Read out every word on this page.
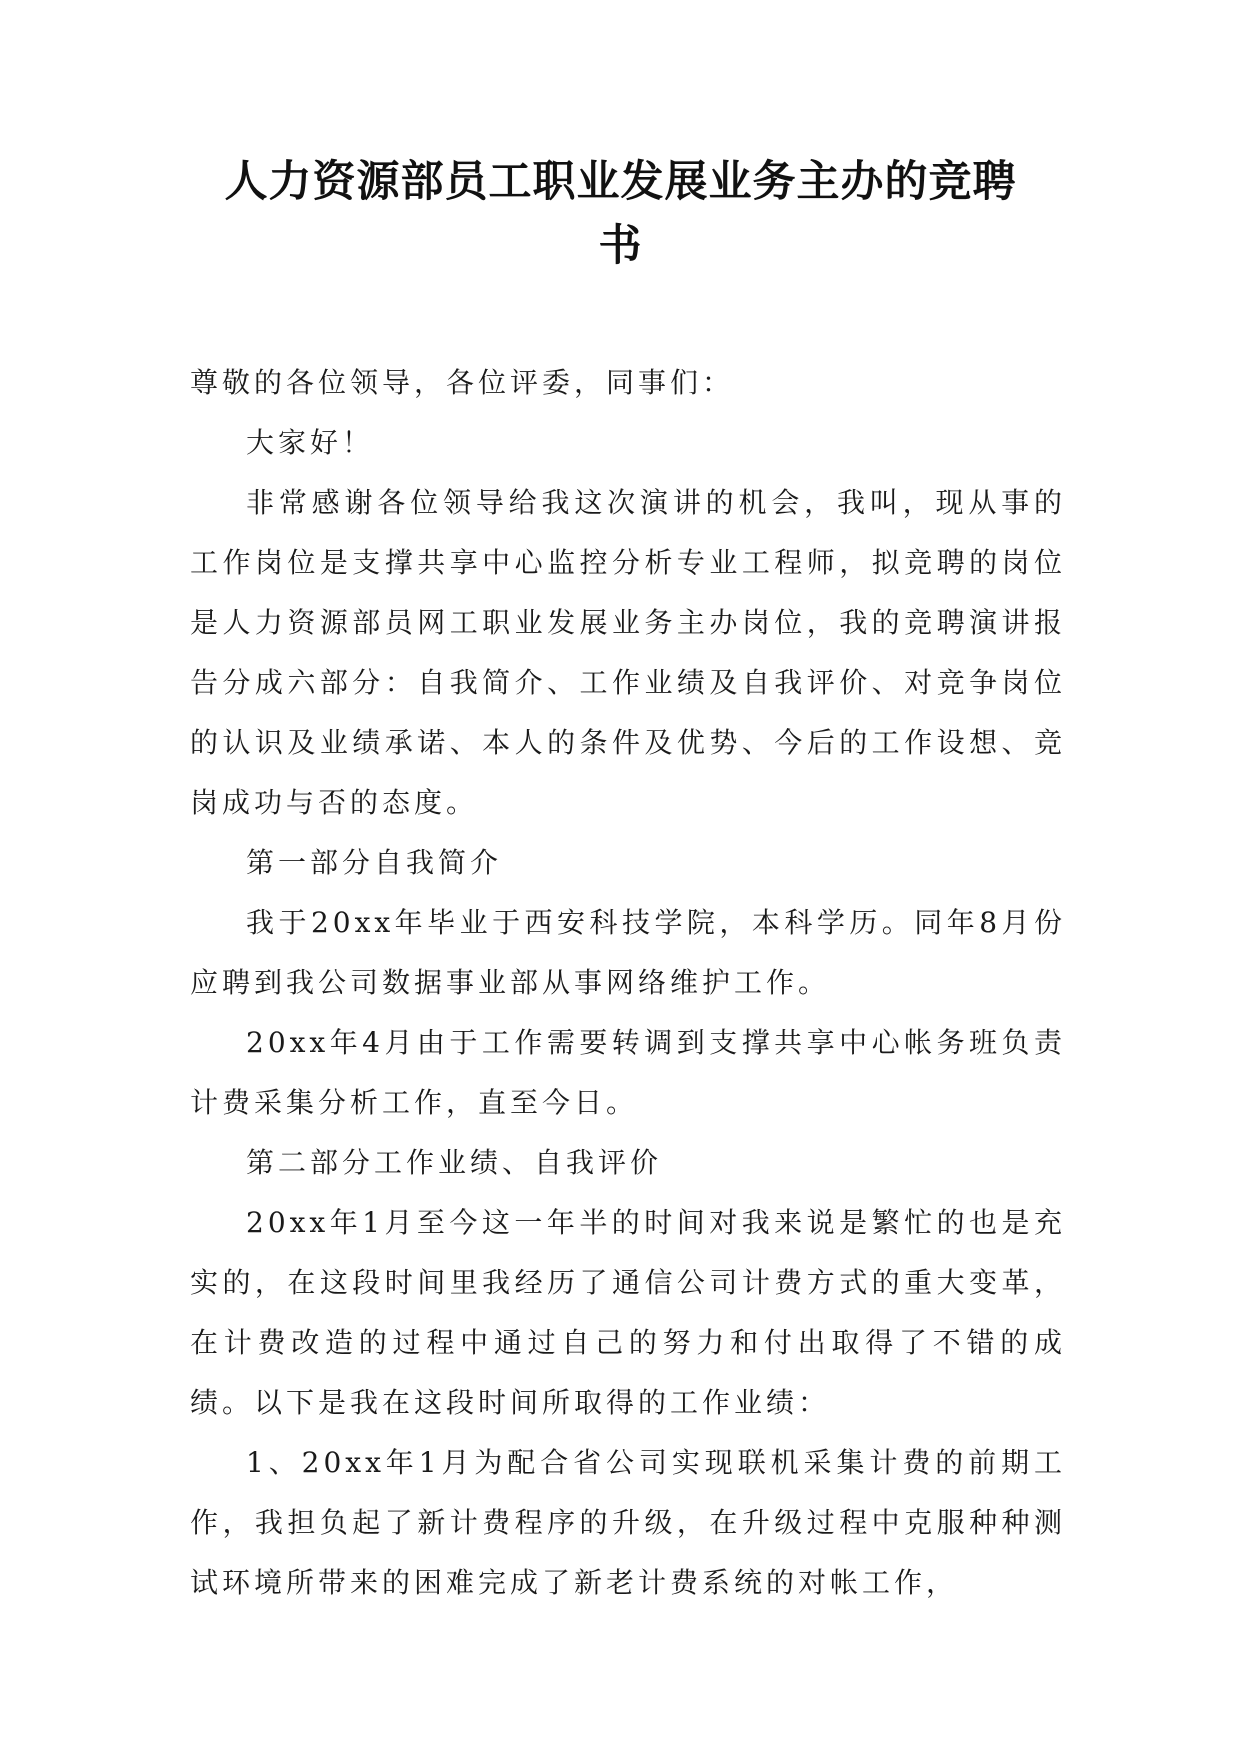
人力资源部员工职业发展业务主办的竞聘
书

尊敬的各位领导，各位评委，同事们：

大家好！

非常感谢各位领导给我这次演讲的机会，我叫，现从事的工作岗位是支撑共享中心监控分析专业工程师，拟竞聘的岗位是人力资源部员网工职业发展业务主办岗位，我的竞聘演讲报告分成六部分：自我简介、工作业绩及自我评价、对竞争岗位的认识及业绩承诺、本人的条件及优势、今后的工作设想、竞岗成功与否的态度。

第一部分自我简介

我于20xx年毕业于西安科技学院，本科学历。同年8月份应聘到我公司数据事业部从事网络维护工作。

20xx年4月由于工作需要转调到支撑共享中心帐务班负责计费采集分析工作，直至今日。

第二部分工作业绩、自我评价

20xx年1月至今这一年半的时间对我来说是繁忙的也是充实的，在这段时间里我经历了通信公司计费方式的重大变革，在计费改造的过程中通过自己的努力和付出取得了不错的成绩。以下是我在这段时间所取得的工作业绩：

1、20xx年1月为配合省公司实现联机采集计费的前期工作，我担负起了新计费程序的升级，在升级过程中克服种种测试环境所带来的困难完成了新老计费系统的对帐工作，
